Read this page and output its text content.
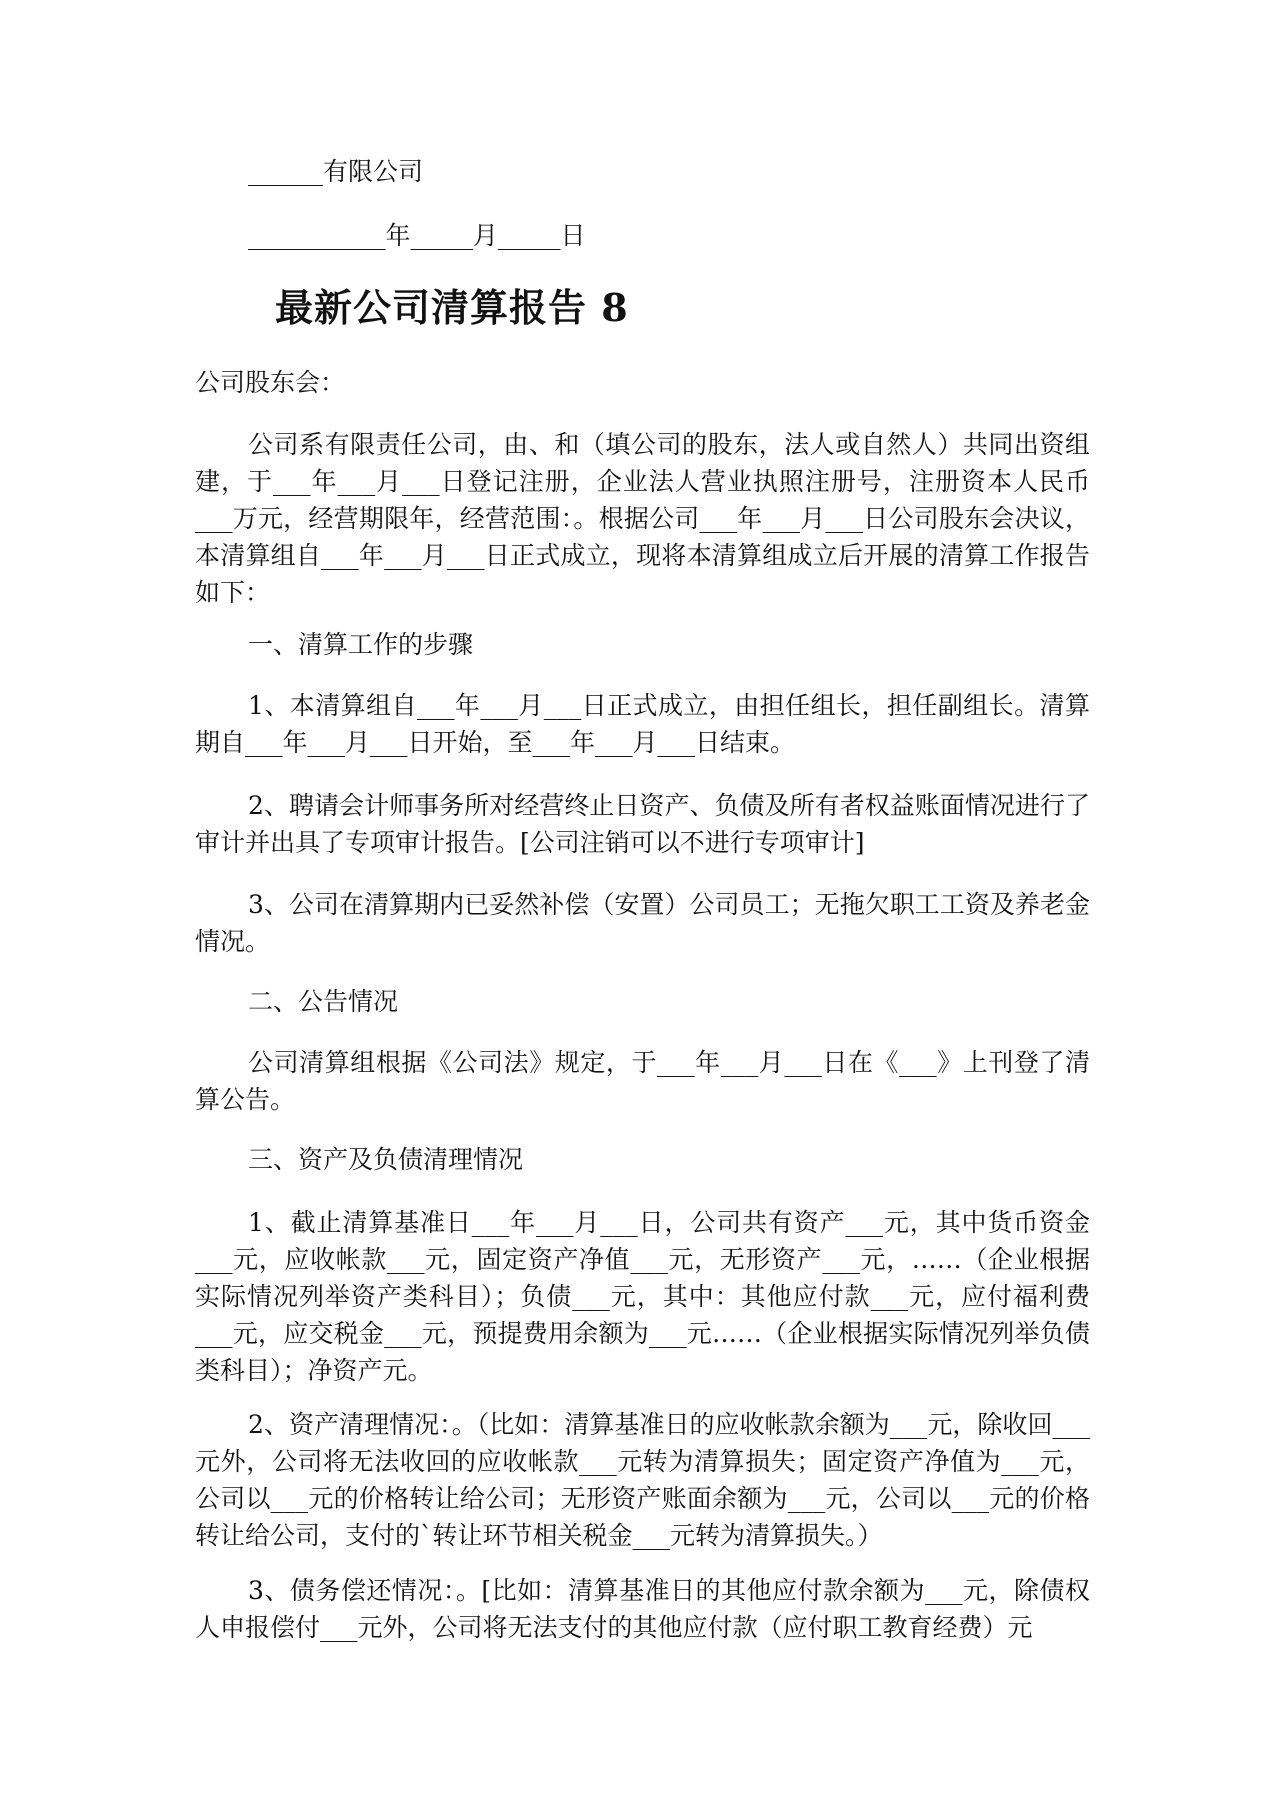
______有限公司
___________年_____月_____日
最新公司清算报告 8
公司股东会：
公司系有限责任公司，由、和（填公司的股东，法人或自然人）共同出资组建，于___年___月___日登记注册，企业法人营业执照注册号，注册资本人民币___万元，经营期限年，经营范围：。根据公司___年___月___日公司股东会决议，本清算组自___年___月___日正式成立，现将本清算组成立后开展的清算工作报告如下：
一、清算工作的步骤
1、本清算组自___年___月___日正式成立，由担任组长，担任副组长。清算期自___年___月___日开始，至___年___月___日结束。
2、聘请会计师事务所对经营终止日资产、负债及所有者权益账面情况进行了审计并出具了专项审计报告。[公司注销可以不进行专项审计]
3、公司在清算期内已妥然补偿（安置）公司员工；无拖欠职工工资及养老金情况。
二、公告情况
公司清算组根据《公司法》规定，于___年___月___日在《___》上刊登了清算公告。
三、资产及负债清理情况
1、截止清算基准日___年___月___日，公司共有资产___元，其中货币资金___元，应收帐款___元，固定资产净值___元，无形资产___元，……（企业根据实际情况列举资产类科目）；负债___元，其中：其他应付款___元，应付福利费___元，应交税金___元，预提费用余额为___元……（企业根据实际情况列举负债类科目）；净资产元。
2、资产清理情况：。（比如：清算基准日的应收帐款余额为___元，除收回___元外，公司将无法收回的应收帐款___元转为清算损失；固定资产净值为___元，公司以___元的价格转让给公司；无形资产账面余额为___元，公司以___元的价格转让给公司，支付的`转让环节相关税金___元转为清算损失。）
3、债务偿还情况：。[比如：清算基准日的其他应付款余额为___元，除债权人申报偿付___元外，公司将无法支付的其他应付款（应付职工教育经费）元
